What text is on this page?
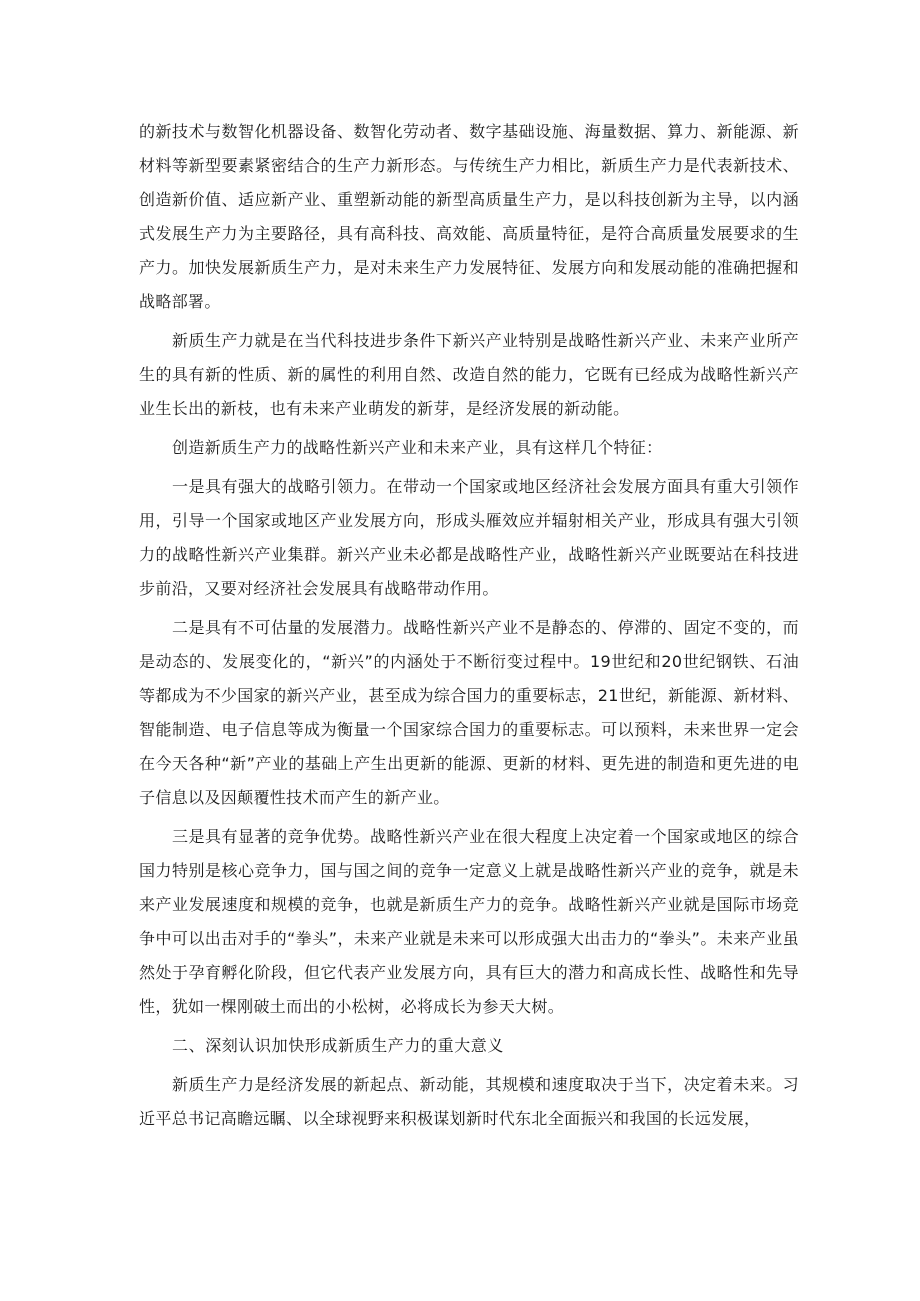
的新技术与数智化机器设备、数智化劳动者、数字基础设施、海量数据、算力、新能源、新材料等新型要素紧密结合的生产力新形态。与传统生产力相比，新质生产力是代表新技术、创造新价值、适应新产业、重塑新动能的新型高质量生产力，是以科技创新为主导，以内涵式发展生产力为主要路径，具有高科技、高效能、高质量特征，是符合高质量发展要求的生产力。加快发展新质生产力，是对未来生产力发展特征、发展方向和发展动能的准确把握和战略部署。

新质生产力就是在当代科技进步条件下新兴产业特别是战略性新兴产业、未来产业所产生的具有新的性质、新的属性的利用自然、改造自然的能力，它既有已经成为战略性新兴产业生长出的新枝，也有未来产业萌发的新芽，是经济发展的新动能。

创造新质生产力的战略性新兴产业和未来产业，具有这样几个特征：

一是具有强大的战略引领力。在带动一个国家或地区经济社会发展方面具有重大引领作用，引导一个国家或地区产业发展方向，形成头雁效应并辐射相关产业，形成具有强大引领力的战略性新兴产业集群。新兴产业未必都是战略性产业，战略性新兴产业既要站在科技进步前沿，又要对经济社会发展具有战略带动作用。

二是具有不可估量的发展潜力。战略性新兴产业不是静态的、停滞的、固定不变的，而是动态的、发展变化的，“新兴”的内涵处于不断衍变过程中。19世纪和20世纪钢铁、石油等都成为不少国家的新兴产业，甚至成为综合国力的重要标志，21世纪，新能源、新材料、智能制造、电子信息等成为衡量一个国家综合国力的重要标志。可以预料，未来世界一定会在今天各种“新”产业的基础上产生出更新的能源、更新的材料、更先进的制造和更先进的电子信息以及因颠覆性技术而产生的新产业。

三是具有显著的竞争优势。战略性新兴产业在很大程度上决定着一个国家或地区的综合国力特别是核心竞争力，国与国之间的竞争一定意义上就是战略性新兴产业的竞争，就是未来产业发展速度和规模的竞争，也就是新质生产力的竞争。战略性新兴产业就是国际市场竞争中可以出击对手的“拳头”，未来产业就是未来可以形成强大出击力的“拳头”。未来产业虽然处于孕育孵化阶段，但它代表产业发展方向，具有巨大的潜力和高成长性、战略性和先导性，犹如一棵刚破土而出的小松树，必将成长为参天大树。

二、深刻认识加快形成新质生产力的重大意义

新质生产力是经济发展的新起点、新动能，其规模和速度取决于当下，决定着未来。习近平总书记高瞻远瞩、以全球视野来积极谋划新时代东北全面振兴和我国的长远发展，
